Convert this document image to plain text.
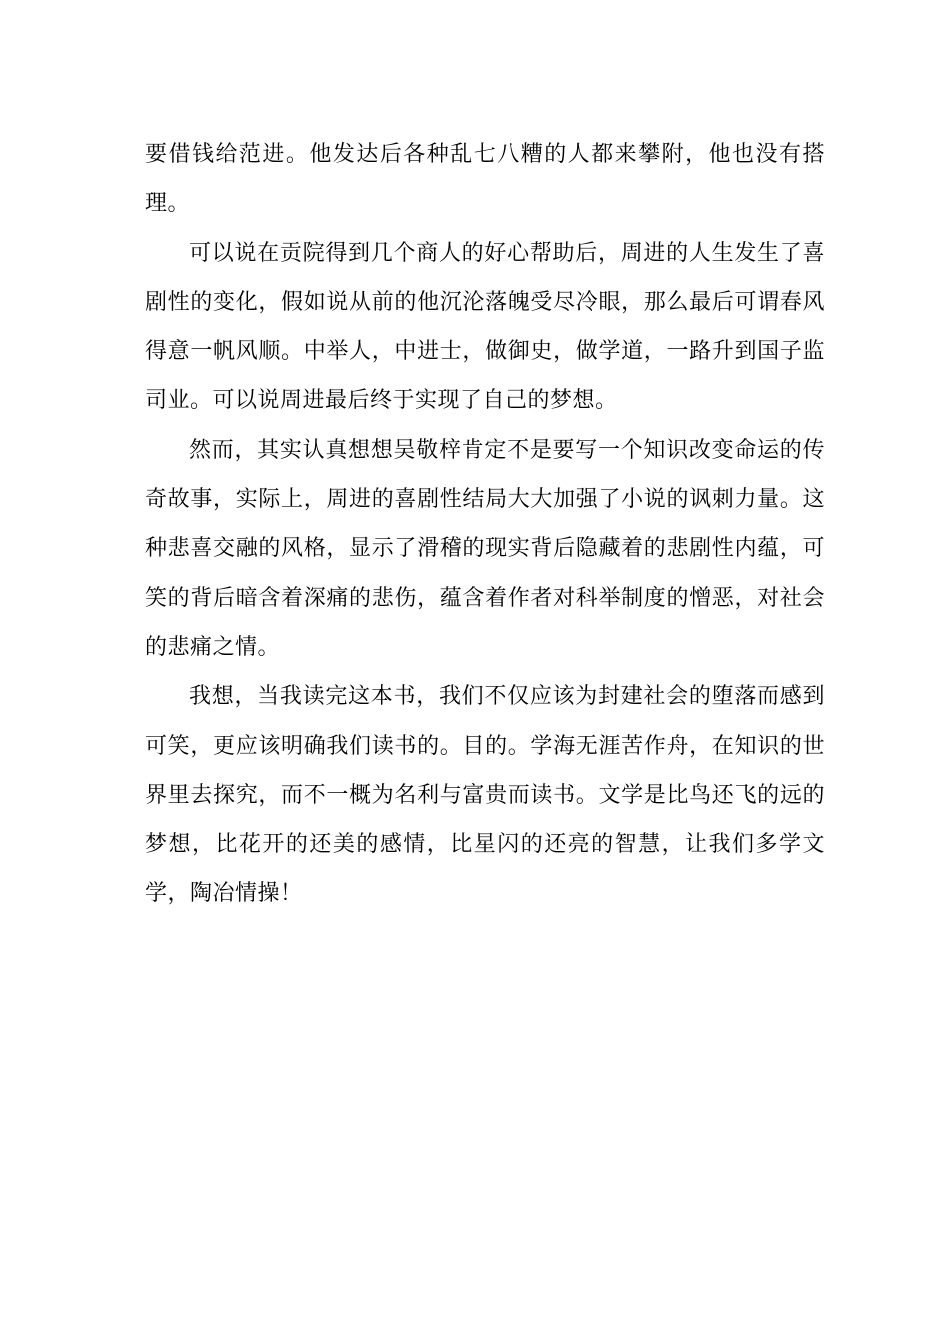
要借钱给范进。他发达后各种乱七八糟的人都来攀附，他也没有搭理。

可以说在贡院得到几个商人的好心帮助后，周进的人生发生了喜剧性的变化，假如说从前的他沉沦落魄受尽冷眼，那么最后可谓春风得意一帆风顺。中举人，中进士，做御史，做学道，一路升到国子监司业。可以说周进最后终于实现了自己的梦想。

然而，其实认真想想吴敬梓肯定不是要写一个知识改变命运的传奇故事，实际上，周进的喜剧性结局大大加强了小说的讽刺力量。这种悲喜交融的风格，显示了滑稽的现实背后隐藏着的悲剧性内蕴，可笑的背后暗含着深痛的悲伤，蕴含着作者对科举制度的憎恶，对社会的悲痛之情。

我想，当我读完这本书，我们不仅应该为封建社会的堕落而感到可笑，更应该明确我们读书的。目的。学海无涯苦作舟，在知识的世界里去探究，而不一概为名利与富贵而读书。文学是比鸟还飞的远的梦想，比花开的还美的感情，比星闪的还亮的智慧，让我们多学文学，陶冶情操！
